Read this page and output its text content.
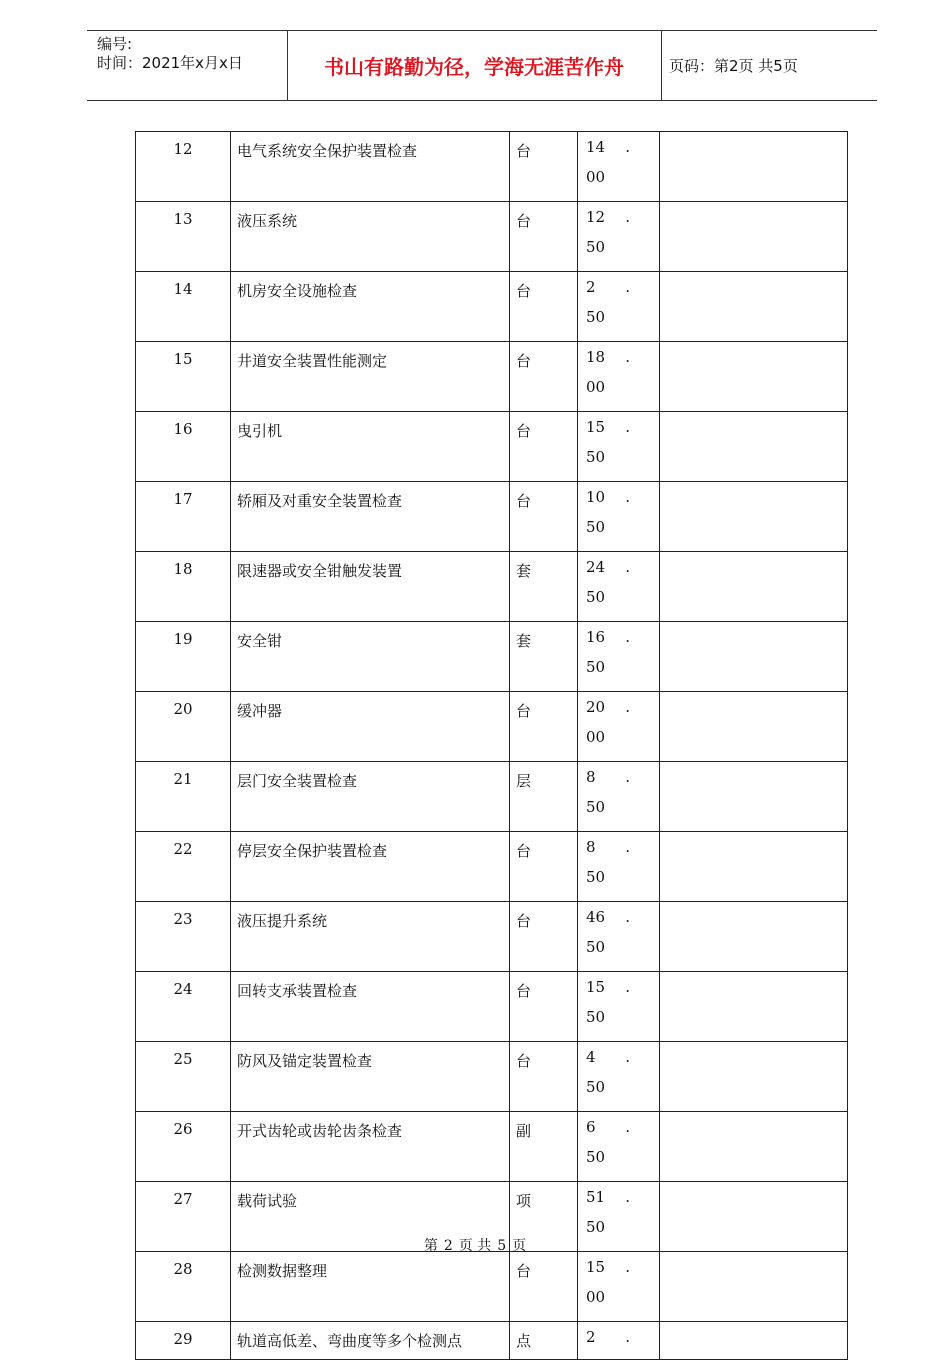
编号:
时间：2021年x月x日	书山有路勤为径，学海无涯苦作舟	页码：第2页 共5页
12	电气系统安全保护装置检查	台	14 .
00	

13	液压系统	台	12 .
50	

14	机房安全设施检查	台	2 .
50	

15	井道安全装置性能测定	台	18 .
00	

16	曳引机	台	15 .
50	

17	轿厢及对重安全装置检查	台	10 .
50	

18	限速器或安全钳触发装置	套	24 .
50	

19	安全钳	套	16 .
50	

20	缓冲器	台	20 .
00	

21	层门安全装置检查	层	8 .
50	

22	停层安全保护装置检查	台	8 .
50	

23	液压提升系统	台	46 .
50	

24	回转支承装置检查	台	15 .
50	

25	防风及锚定装置检查	台	4 .
50	

26	开式齿轮或齿轮齿条检查	副	6 .
50	

27	载荷试验	项	51 .
50	

28	检测数据整理	台	15 .
00	

29	轨道高低差、弯曲度等多个检测点	点	2 .	

第 2 页 共 5 页
